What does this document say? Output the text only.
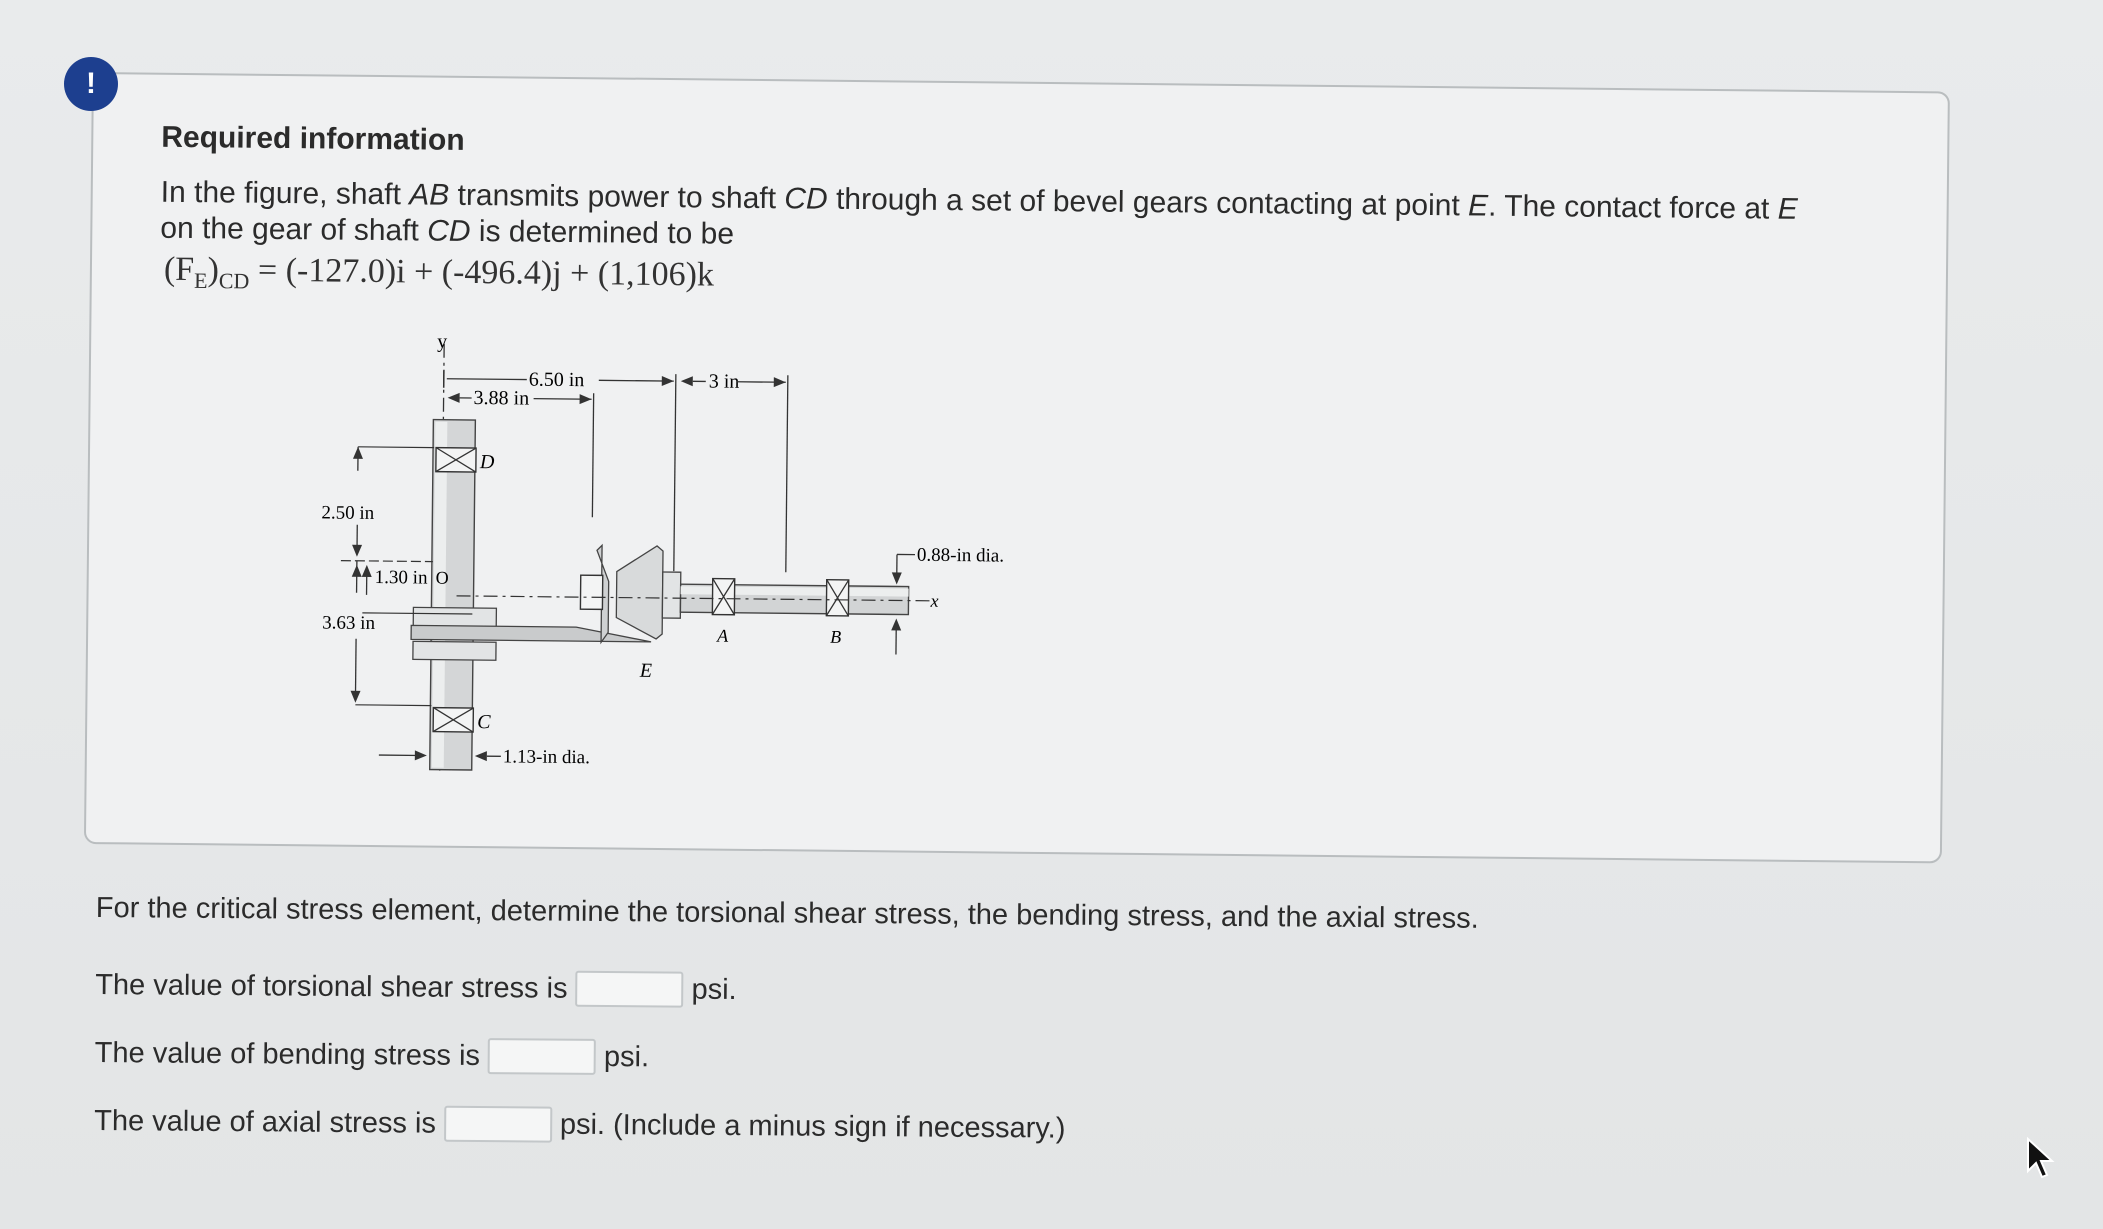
Required information

In the figure, shaft AB transmits power to shaft CD through a set of bevel gears contacting at point E. The contact force at E on the gear of shaft CD is determined to be

$(F_E)_{CD} = (-127.0)i + (-496.4)j + (1,106)k$
y
6.50 in	3 in
3.88 in
D
C
O
E
A	B
x
0.88-in dia.
2.50 in
1.30 in
3.63 in
1.13-in dia.
!

For the critical stress element, determine the torsional shear stress, the bending stress, and the axial stress.

The value of torsional shear stress is	psi.
The value of bending stress is	psi.
The value of axial stress is	psi. (Include a minus sign if necessary.)
